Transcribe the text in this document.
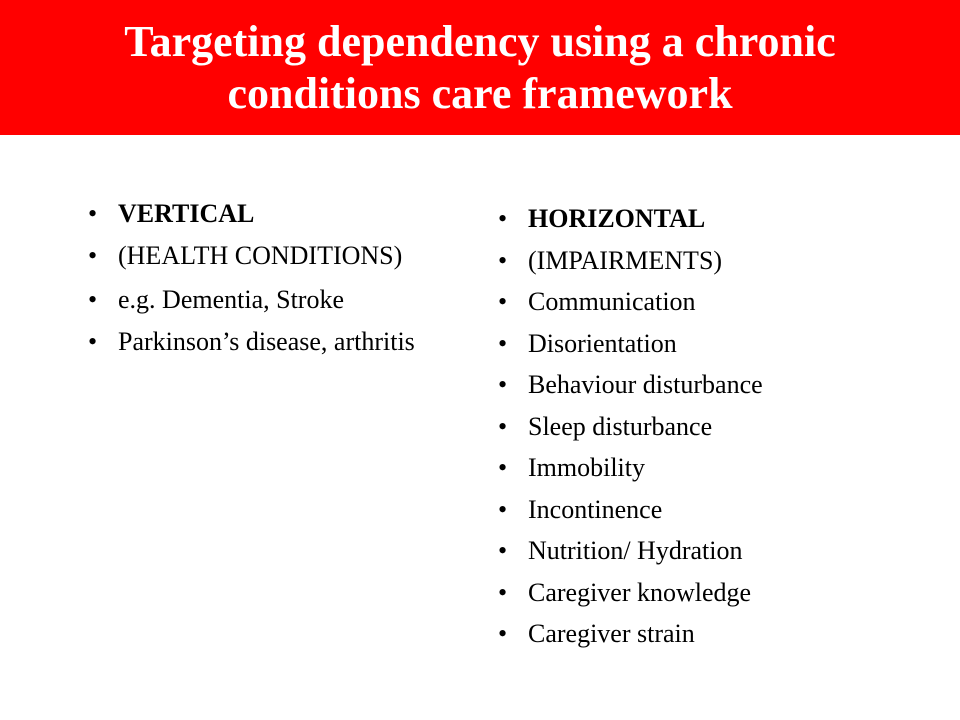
Targeting dependency using a chronic conditions care framework
• VERTICAL
• (HEALTH CONDITIONS)
• e.g. Dementia, Stroke
• Parkinson’s disease, arthritis
• HORIZONTAL
• (IMPAIRMENTS)
• Communication
• Disorientation
• Behaviour disturbance
• Sleep disturbance
• Immobility
• Incontinence
• Nutrition/ Hydration
• Caregiver knowledge
• Caregiver strain
